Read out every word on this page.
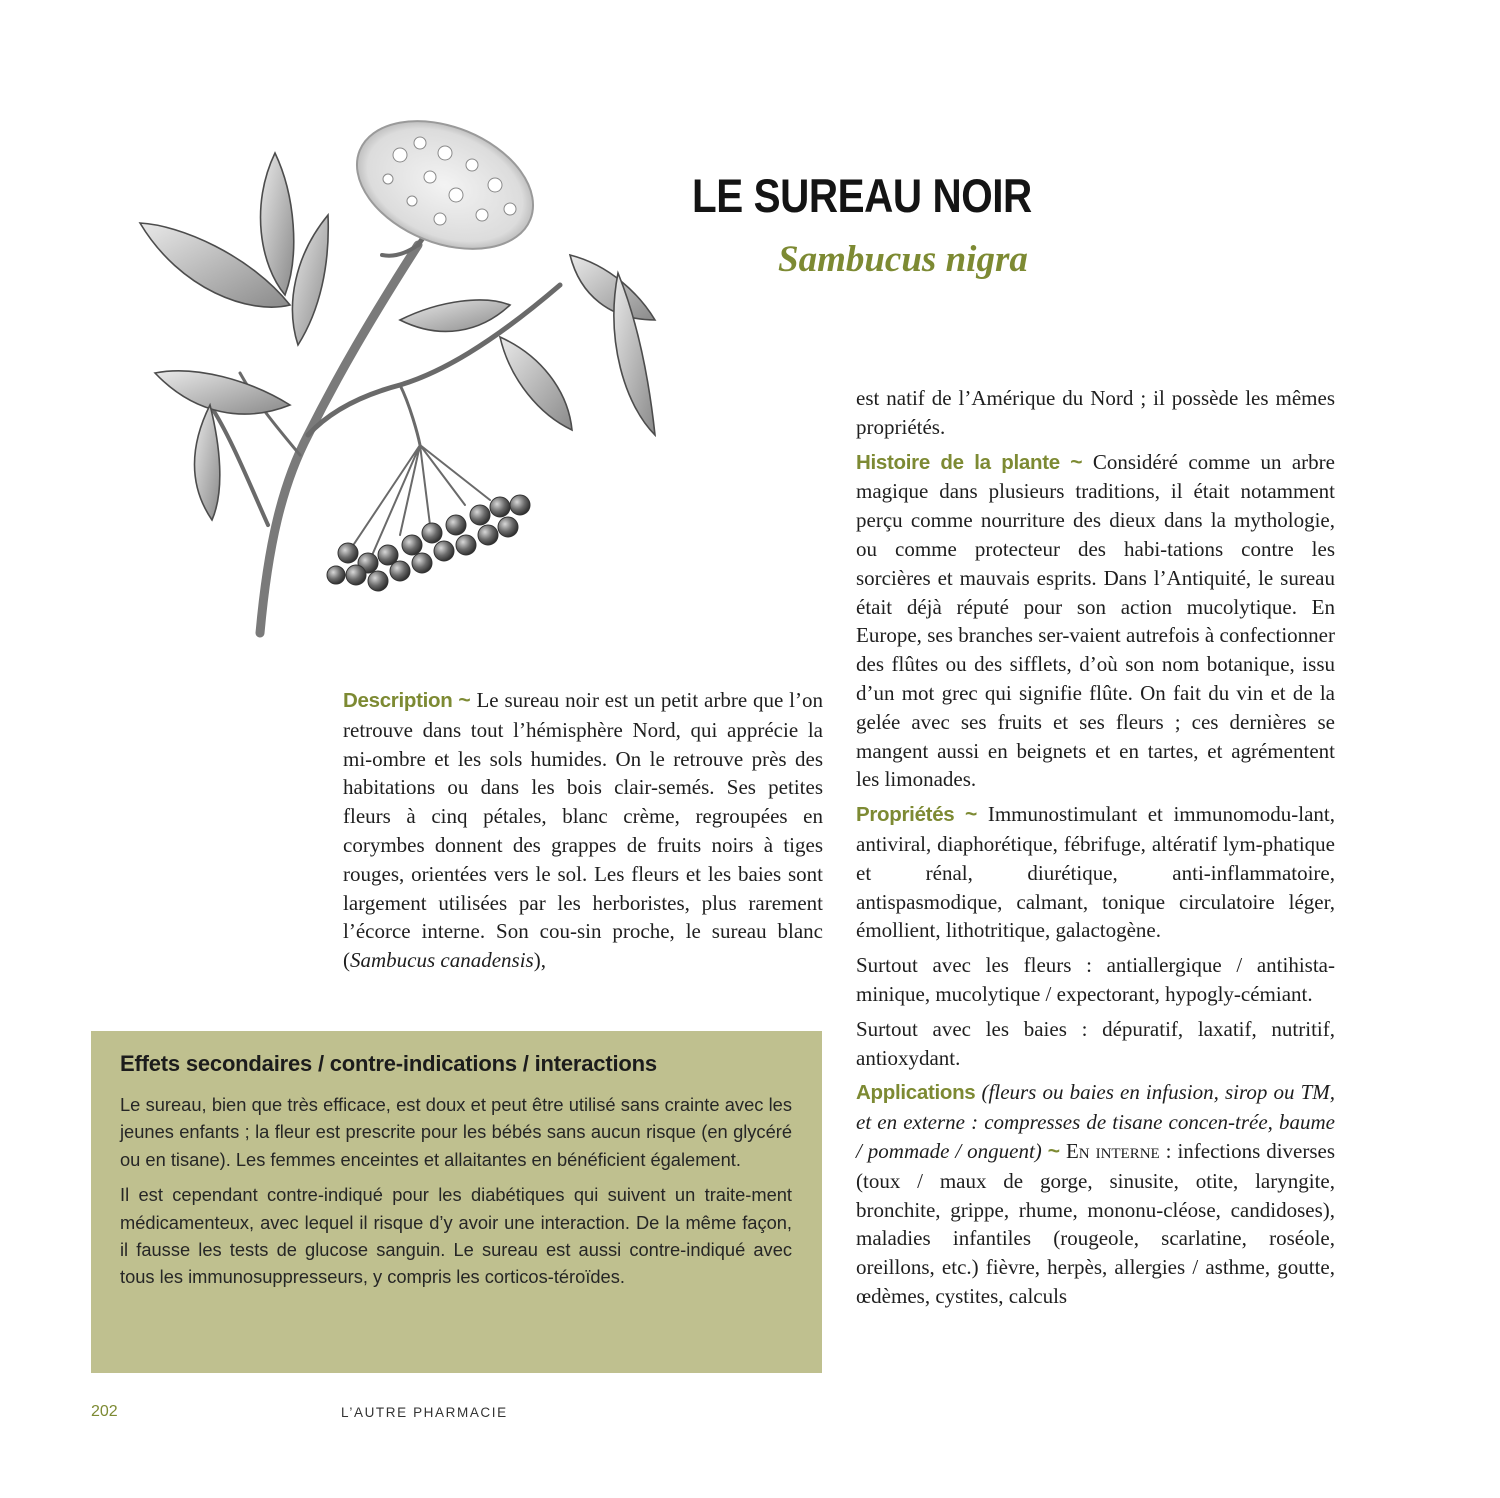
LE SUREAU NOIR
Sambucus nigra

Description ~ Le sureau noir est un petit arbre que l’on retrouve dans tout l’hémisphère Nord, qui apprécie la mi-ombre et les sols humides. On le retrouve près des habitations ou dans les bois clair-semés. Ses petites fleurs à cinq pétales, blanc crème, regroupées en corymbes donnent des grappes de fruits noirs à tiges rouges, orientées vers le sol. Les fleurs et les baies sont largement utilisées par les herboristes, plus rarement l’écorce interne. Son cou-sin proche, le sureau blanc (Sambucus canadensis),

Effets secondaires / contre-indications / interactions

Le sureau, bien que très efficace, est doux et peut être utilisé sans crainte avec les jeunes enfants ; la fleur est prescrite pour les bébés sans aucun risque (en glycéré ou en tisane). Les femmes enceintes et allaitantes en bénéficient également.

Il est cependant contre-indiqué pour les diabétiques qui suivent un traite-ment médicamenteux, avec lequel il risque d’y avoir une interaction. De la même façon, il fausse les tests de glucose sanguin. Le sureau est aussi contre-indiqué avec tous les immunosuppresseurs, y compris les corticos-téroïdes.

est natif de l’Amérique du Nord ; il possède les mêmes propriétés.

Histoire de la plante ~ Considéré comme un arbre magique dans plusieurs traditions, il était notamment perçu comme nourriture des dieux dans la mythologie, ou comme protecteur des habi-tations contre les sorcières et mauvais esprits. Dans l’Antiquité, le sureau était déjà réputé pour son action mucolytique. En Europe, ses branches ser-vaient autrefois à confectionner des flûtes ou des sifflets, d’où son nom botanique, issu d’un mot grec qui signifie flûte. On fait du vin et de la gelée avec ses fruits et ses fleurs ; ces dernières se mangent aussi en beignets et en tartes, et agrémentent les limonades.

Propriétés ~ Immunostimulant et immunomodu-lant, antiviral, diaphorétique, fébrifuge, altératif lym-phatique et rénal, diurétique, anti-inflammatoire, antispasmodique, calmant, tonique circulatoire léger, émollient, lithotritique, galactogène.

Surtout avec les fleurs : antiallergique / antihista-minique, mucolytique / expectorant, hypogly-cémiant.

Surtout avec les baies : dépuratif, laxatif, nutritif, antioxydant.

Applications (fleurs ou baies en infusion, sirop ou TM, et en externe : compresses de tisane concen-trée, baume / pommade / onguent) ~ En interne : infections diverses (toux / maux de gorge, sinusite, otite, laryngite, bronchite, grippe, rhume, mononu-cléose, candidoses), maladies infantiles (rougeole, scarlatine, roséole, oreillons, etc.) fièvre, herpès, allergies / asthme, goutte, œdèmes, cystites, calculs

202	L’AUTRE PHARMACIE
